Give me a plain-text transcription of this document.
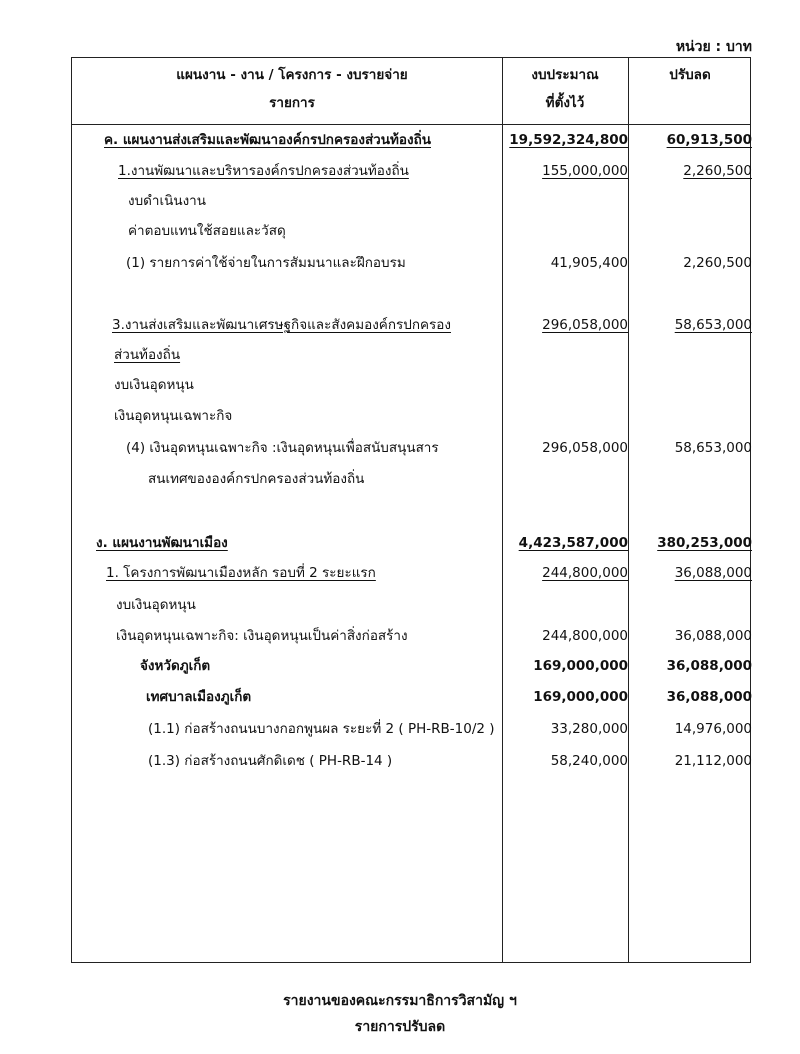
หน่วย : บาท
แผนงาน - งาน / โครงการ - งบรายจ่าย
รายการ
งบประมาณ
ที่ตั้งไว้
ปรับลด
ค. แผนงานส่งเสริมและพัฒนาองค์กรปกครองส่วนท้องถิ่น	19,592,324,800	60,913,500
1.งานพัฒนาและบริหารองค์กรปกครองส่วนท้องถิ่น	155,000,000	2,260,500
งบดำเนินงาน
ค่าตอบแทนใช้สอยและวัสดุ
(1) รายการค่าใช้จ่ายในการสัมมนาและฝึกอบรม	41,905,400	2,260,500
3.งานส่งเสริมและพัฒนาเศรษฐกิจและสังคมองค์กรปกครอง	296,058,000	58,653,000
ส่วนท้องถิ่น
งบเงินอุดหนุน
เงินอุดหนุนเฉพาะกิจ
(4) เงินอุดหนุนเฉพาะกิจ :เงินอุดหนุนเพื่อสนับสนุนสาร	296,058,000	58,653,000
สนเทศขององค์กรปกครองส่วนท้องถิ่น
ง. แผนงานพัฒนาเมือง	4,423,587,000	380,253,000
1. โครงการพัฒนาเมืองหลัก รอบที่ 2 ระยะแรก	244,800,000	36,088,000
งบเงินอุดหนุน
เงินอุดหนุนเฉพาะกิจ: เงินอุดหนุนเป็นค่าสิ่งก่อสร้าง	244,800,000	36,088,000
จังหวัดภูเก็ต	169,000,000	36,088,000
เทศบาลเมืองภูเก็ต	169,000,000	36,088,000
(1.1) ก่อสร้างถนนบางกอกพูนผล ระยะที่ 2 ( PH-RB-10/2 )	33,280,000	14,976,000
(1.3) ก่อสร้างถนนศักดิเดช ( PH-RB-14 )	58,240,000	21,112,000
รายงานของคณะกรรมาธิการวิสามัญ ฯ
รายการปรับลด
